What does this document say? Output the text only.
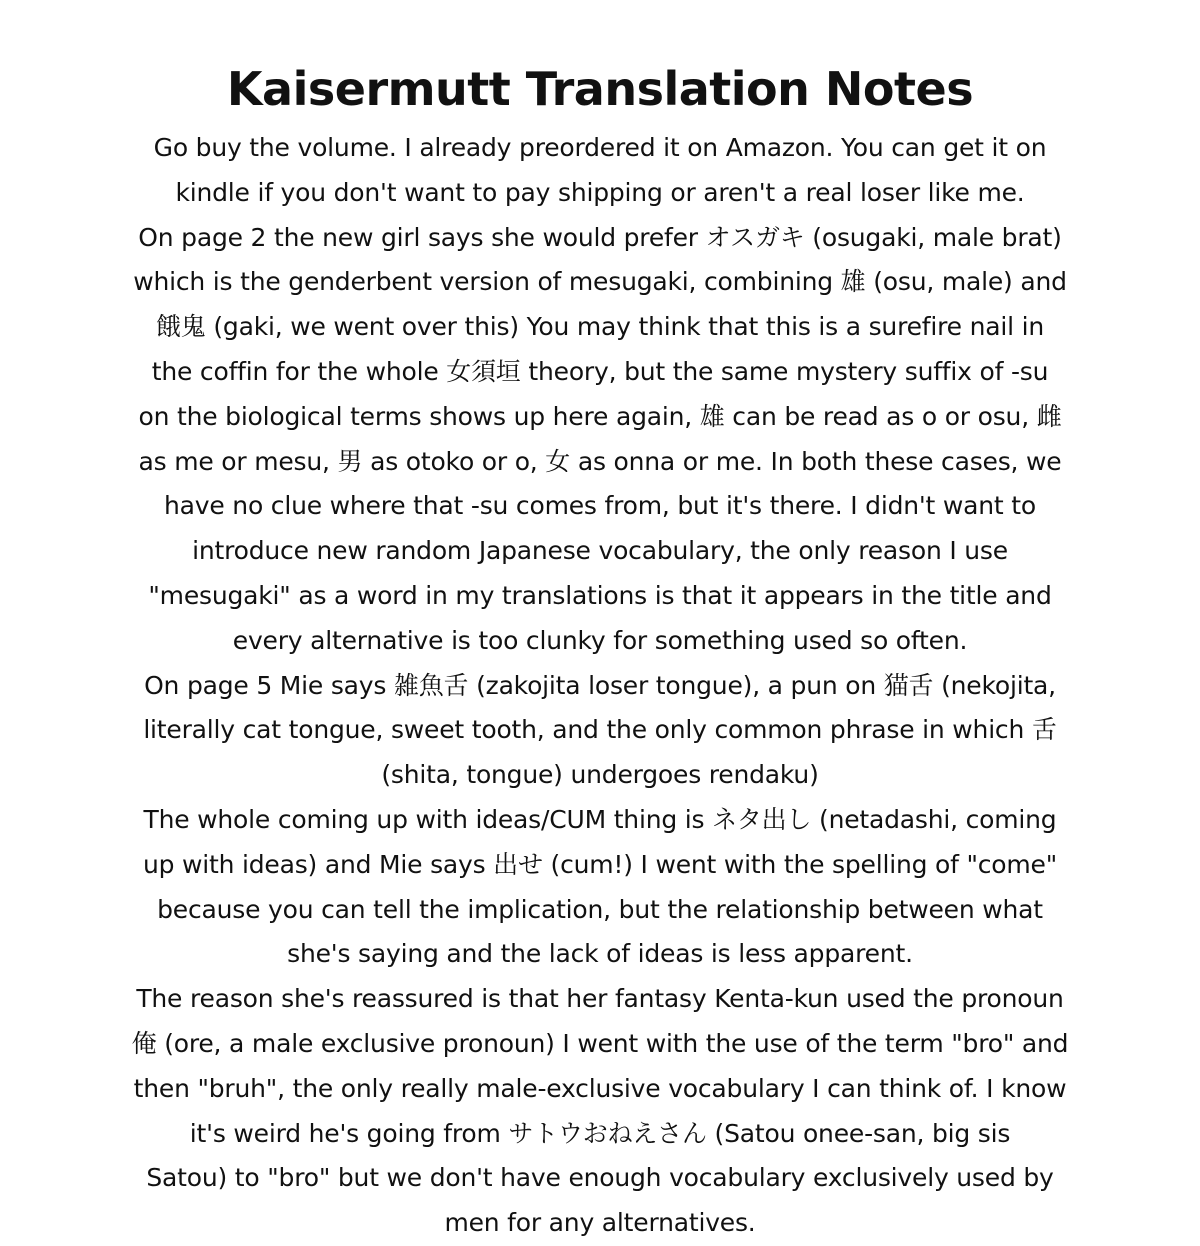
Kaisermutt Translation Notes
Go buy the volume. I already preordered it on Amazon. You can get it on
kindle if you don't want to pay shipping or aren't a real loser like me.
On page 2 the new girl says she would prefer オスガキ (osugaki, male brat)
which is the genderbent version of mesugaki, combining 雄 (osu, male) and
餓鬼 (gaki, we went over this) You may think that this is a surefire nail in
the coffin for the whole 女須垣 theory, but the same mystery suffix of -su
on the biological terms shows up here again, 雄 can be read as o or osu, 雌
as me or mesu, 男 as otoko or o, 女 as onna or me. In both these cases, we
have no clue where that -su comes from, but it's there. I didn't want to
introduce new random Japanese vocabulary, the only reason I use
"mesugaki" as a word in my translations is that it appears in the title and
every alternative is too clunky for something used so often.
On page 5 Mie says 雑魚舌 (zakojita loser tongue), a pun on 猫舌 (nekojita,
literally cat tongue, sweet tooth, and the only common phrase in which 舌
(shita, tongue) undergoes rendaku)
The whole coming up with ideas/CUM thing is ネタ出し (netadashi, coming
up with ideas) and Mie says 出せ (cum!) I went with the spelling of "come"
because you can tell the implication, but the relationship between what
she's saying and the lack of ideas is less apparent.
The reason she's reassured is that her fantasy Kenta-kun used the pronoun
俺 (ore, a male exclusive pronoun) I went with the use of the term "bro" and
then "bruh", the only really male-exclusive vocabulary I can think of. I know
it's weird he's going from サトウおねえさん (Satou onee-san, big sis
Satou) to "bro" but we don't have enough vocabulary exclusively used by
men for any alternatives.
